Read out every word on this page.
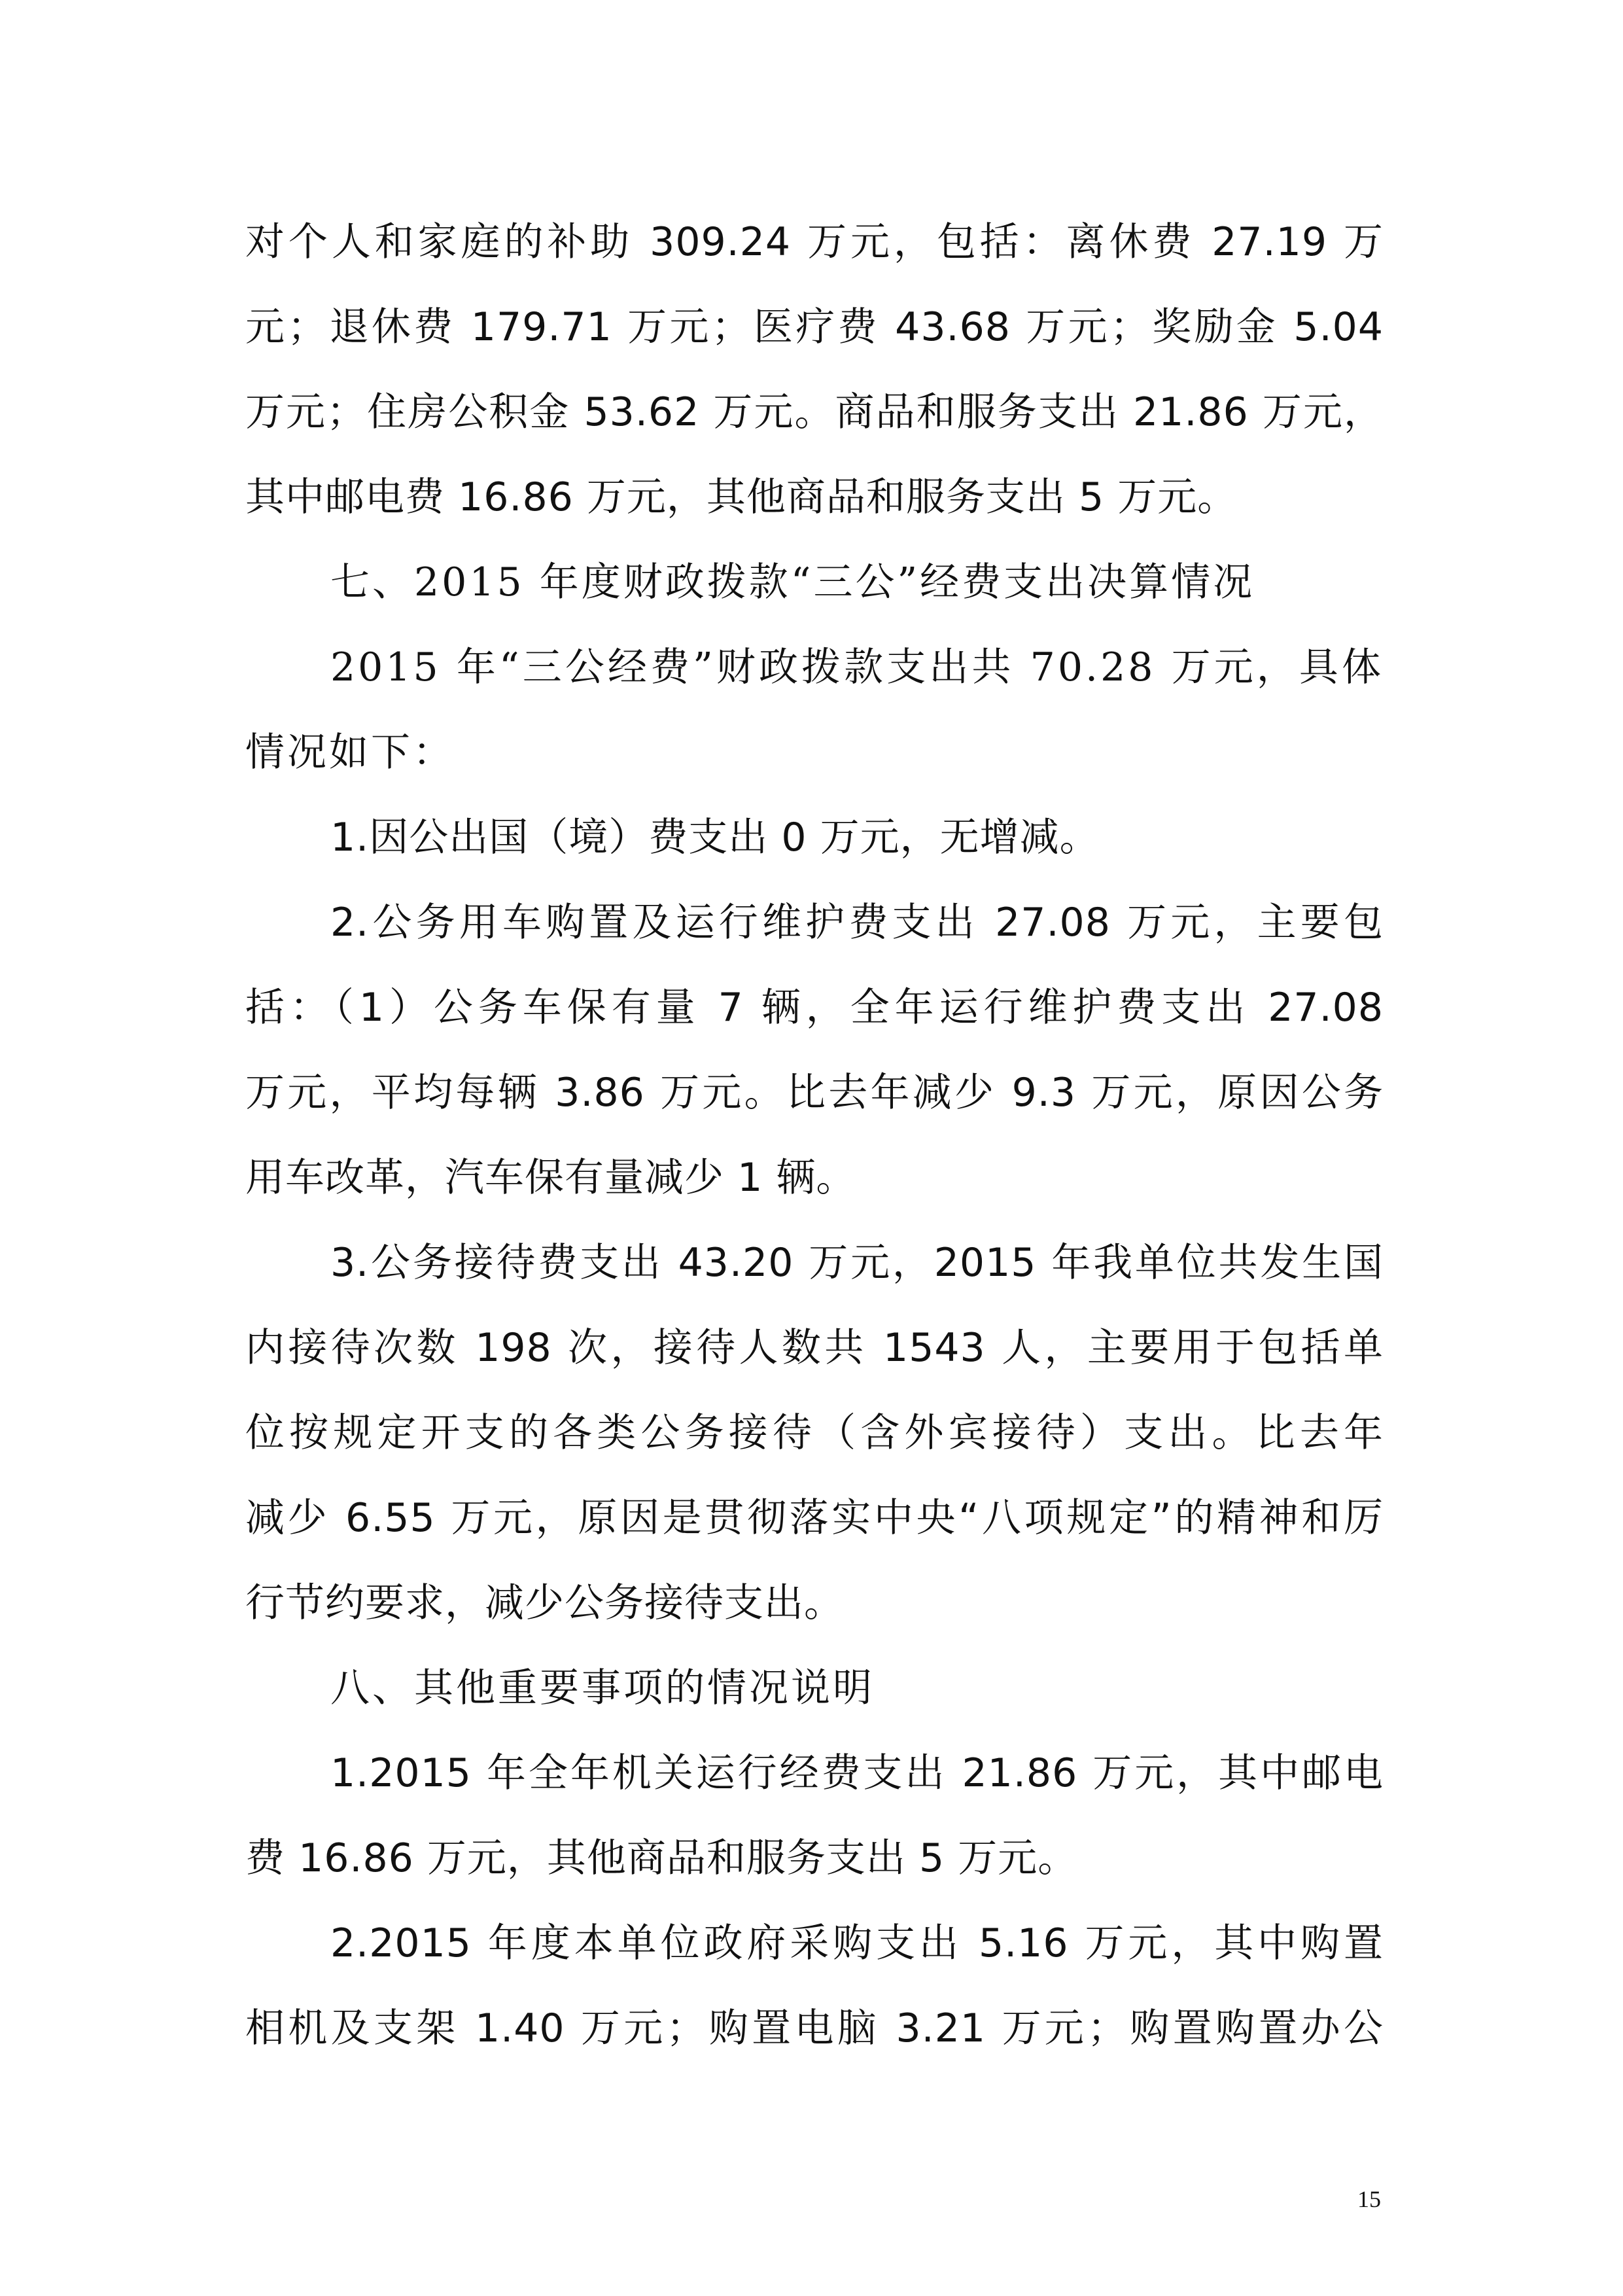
对个人和家庭的补助 309.24 万元，包括：离休费 27.19 万
元；退休费 179.71 万元；医疗费 43.68 万元；奖励金 5.04
万元；住房公积金 53.62 万元。商品和服务支出 21.86 万元，
其中邮电费 16.86 万元，其他商品和服务支出 5 万元。
七、2015 年度财政拨款“三公”经费支出决算情况
2015 年“三公经费”财政拨款支出共 70.28 万元，具体
情况如下：
1.因公出国（境）费支出 0 万元，无增减。
2.公务用车购置及运行维护费支出 27.08 万元，主要包
括：（1）公务车保有量 7 辆，全年运行维护费支出 27.08
万元，平均每辆 3.86 万元。比去年减少 9.3 万元，原因公务
用车改革，汽车保有量减少 1 辆。
3.公务接待费支出 43.20 万元，2015 年我单位共发生国
内接待次数 198 次，接待人数共 1543 人，主要用于包括单
位按规定开支的各类公务接待（含外宾接待）支出。比去年
减少 6.55 万元，原因是贯彻落实中央“八项规定”的精神和厉
行节约要求，减少公务接待支出。
八、其他重要事项的情况说明
1.2015 年全年机关运行经费支出 21.86 万元，其中邮电
费 16.86 万元，其他商品和服务支出 5 万元。
2.2015 年度本单位政府采购支出 5.16 万元，其中购置
相机及支架 1.40 万元；购置电脑 3.21 万元；购置购置办公
15
